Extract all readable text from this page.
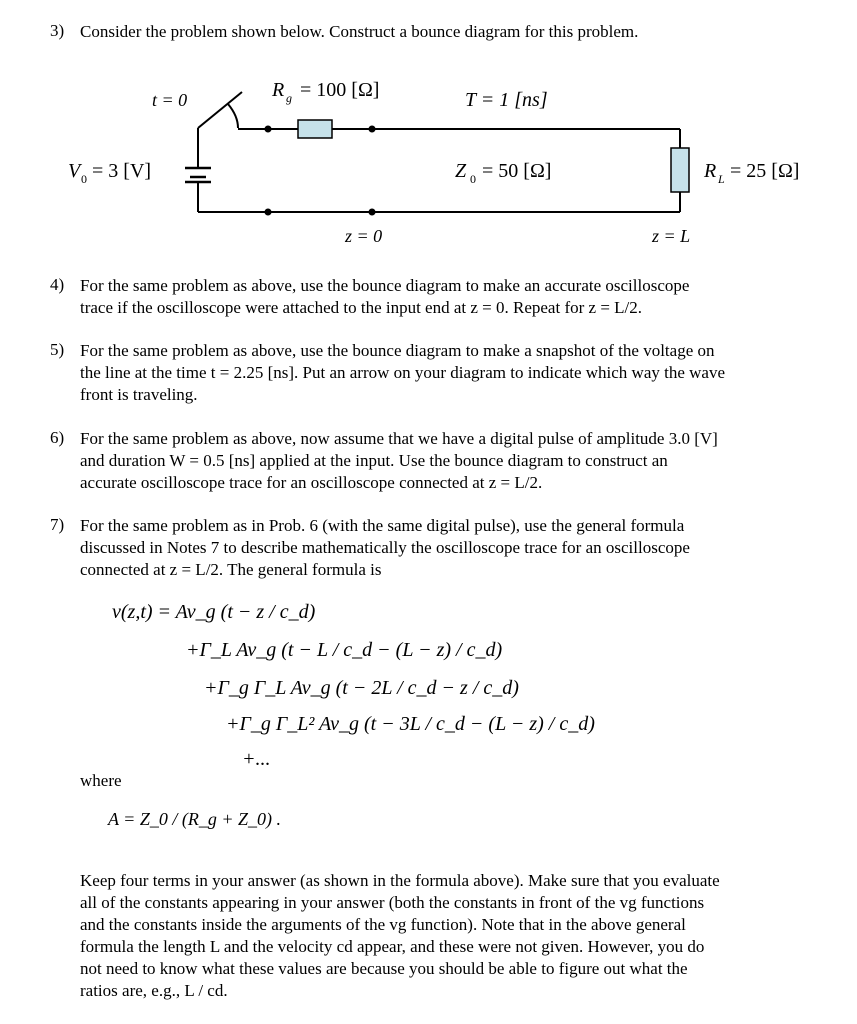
3) Consider the problem shown below. Construct a bounce diagram for this problem.
t = 0	R g = 100 [Ω]	T = 1 [ns]
V 0 = 3 [V]	Z 0 = 50 [Ω]	R L = 25 [Ω]
z = 0	z = L
4) For the same problem as above, use the bounce diagram to make an accurate oscilloscope
trace if the oscilloscope were attached to the input end at z = 0. Repeat for z = L/2.
5) For the same problem as above, use the bounce diagram to make a snapshot of the voltage on
the line at the time t = 2.25 [ns]. Put an arrow on your diagram to indicate which way the wave
front is traveling.
6) For the same problem as above, now assume that we have a digital pulse of amplitude 3.0 [V]
and duration W = 0.5 [ns] applied at the input. Use the bounce diagram to construct an
accurate oscilloscope trace for an oscilloscope connected at z = L/2.
7) For the same problem as in Prob. 6 (with the same digital pulse), use the general formula
discussed in Notes 7 to describe mathematically the oscilloscope trace for an oscilloscope
connected at z = L/2. The general formula is
v(z,t) = Av_g (t − z / c_d)
+Γ_L Av_g (t − L / c_d − (L − z) / c_d)
+Γ_g Γ_L Av_g (t − 2L / c_d − z / c_d)
+Γ_g Γ_L² Av_g (t − 3L / c_d − (L − z) / c_d)
+...
where
A = Z_0 / (R_g + Z_0) .
Keep four terms in your answer (as shown in the formula above). Make sure that you evaluate
all of the constants appearing in your answer (both the constants in front of the vg functions
and the constants inside the arguments of the vg function). Note that in the above general
formula the length L and the velocity cd appear, and these were not given. However, you do
not need to know what these values are because you should be able to figure out what the
ratios are, e.g., L / cd.
